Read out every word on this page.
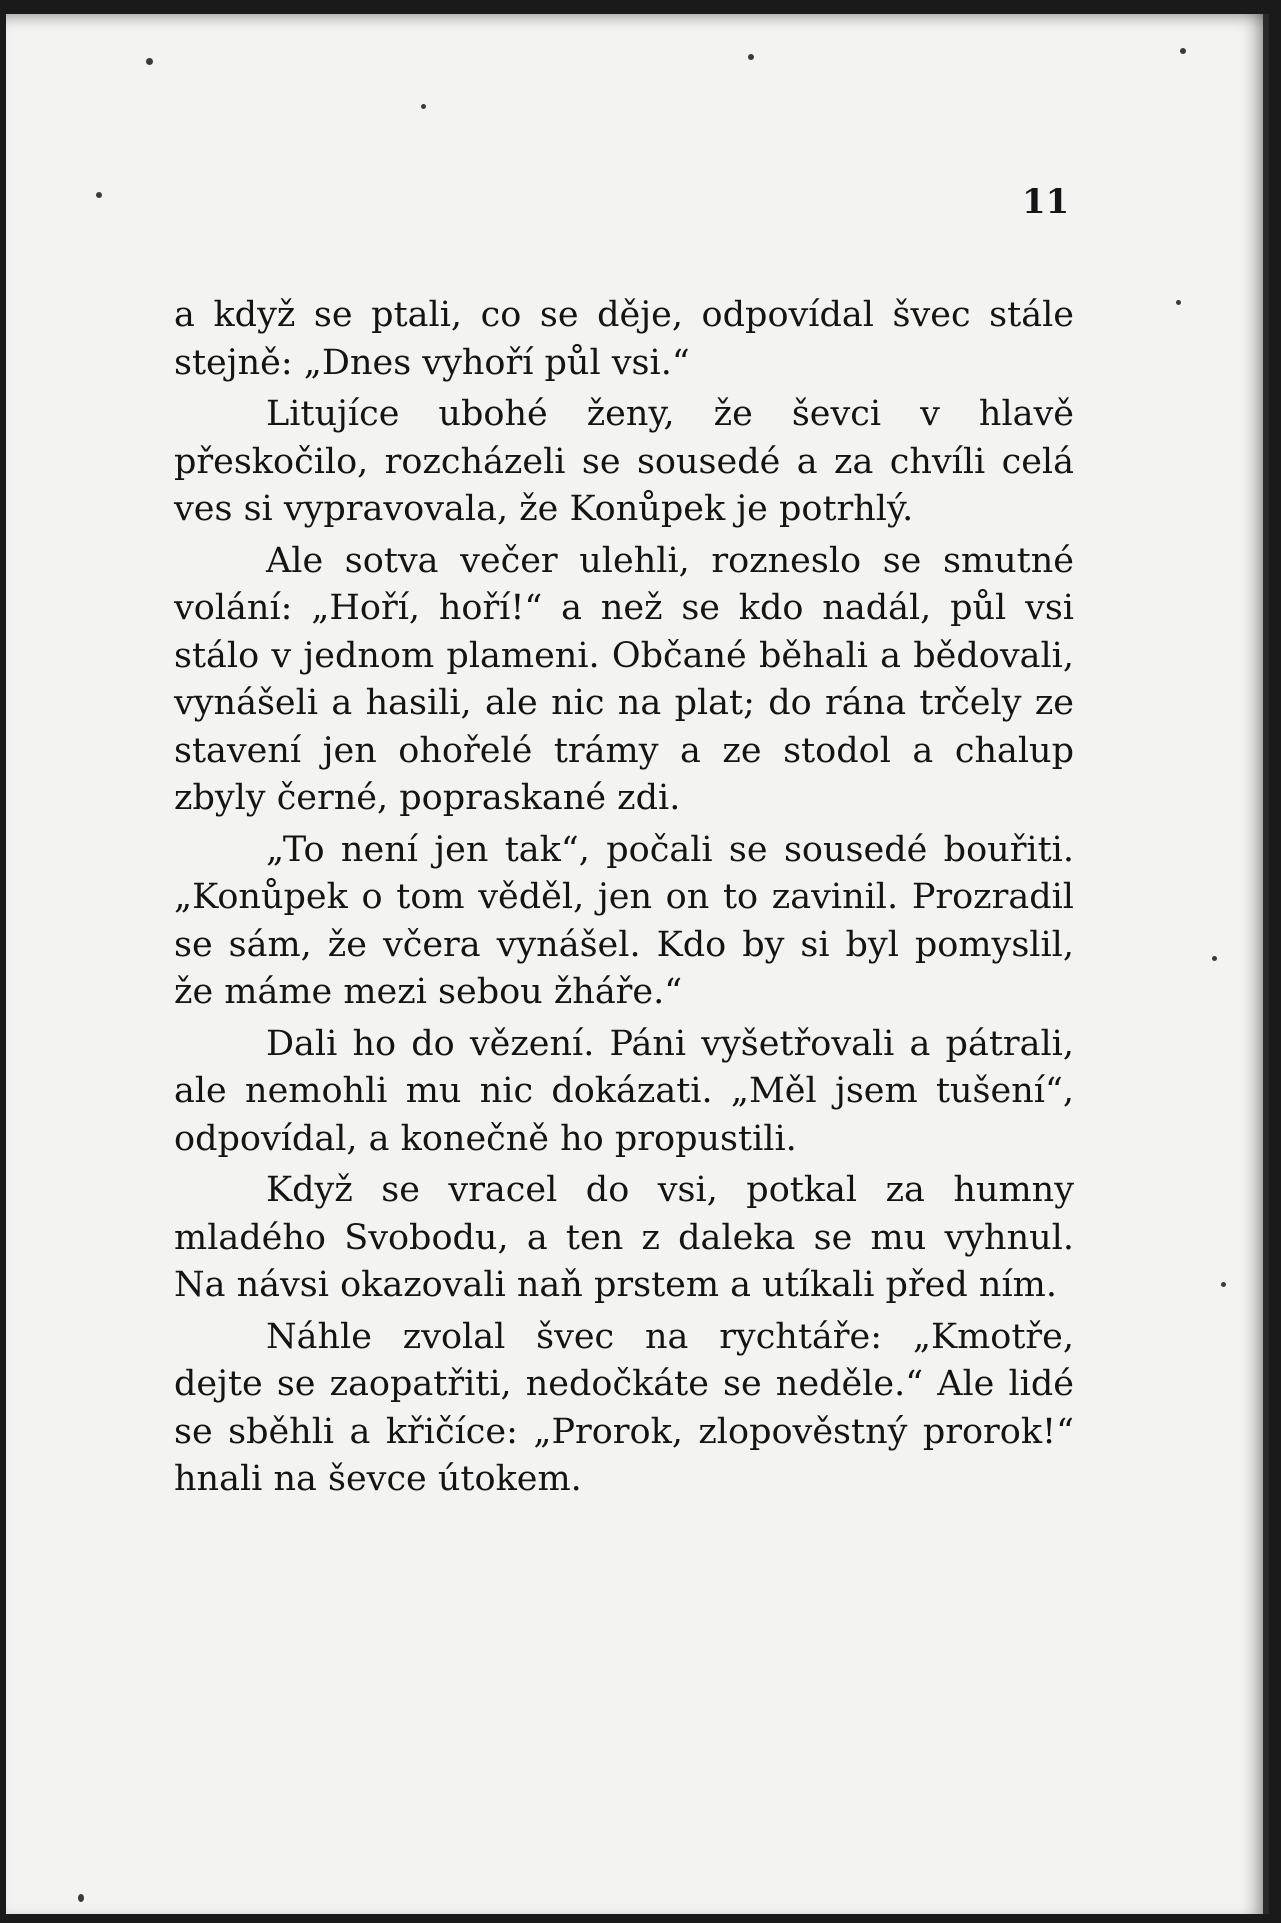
11

a když se ptali, co se děje, odpovídal švec stále stejně: „Dnes vyhoří půl vsi.“

Litujíce ubohé ženy, že ševci v hlavě přeskočilo, rozcházeli se sousedé a za chvíli celá ves si vypravovala, že Konůpek je potrhlý.

Ale sotva večer ulehli, rozneslo se smutné volání: „Hoří, hoří!“ a než se kdo nadál, půl vsi stálo v jednom plameni. Občané běhali a bědovali, vynášeli a hasili, ale nic na plat; do rána trčely ze stavení jen ohořelé trámy a ze stodol a chalup zbyly černé, popraskané zdi.

„To není jen tak“, počali se sousedé bouřiti. „Konůpek o tom věděl, jen on to zavinil. Prozradil se sám, že včera vynášel. Kdo by si byl pomyslil, že máme mezi sebou žháře.“

Dali ho do vězení. Páni vyšetřovali a pátrali, ale nemohli mu nic dokázati. „Měl jsem tušení“, odpovídal, a konečně ho propustili.

Když se vracel do vsi, potkal za humny mladého Svobodu, a ten z daleka se mu vyhnul. Na návsi okazovali naň prstem a utíkali před ním.

Náhle zvolal švec na rychtáře: „Kmotře, dejte se zaopatřiti, nedočkáte se neděle.“ Ale lidé se sběhli a křičíce: „Prorok, zlopověstný prorok!“ hnali na ševce útokem.
